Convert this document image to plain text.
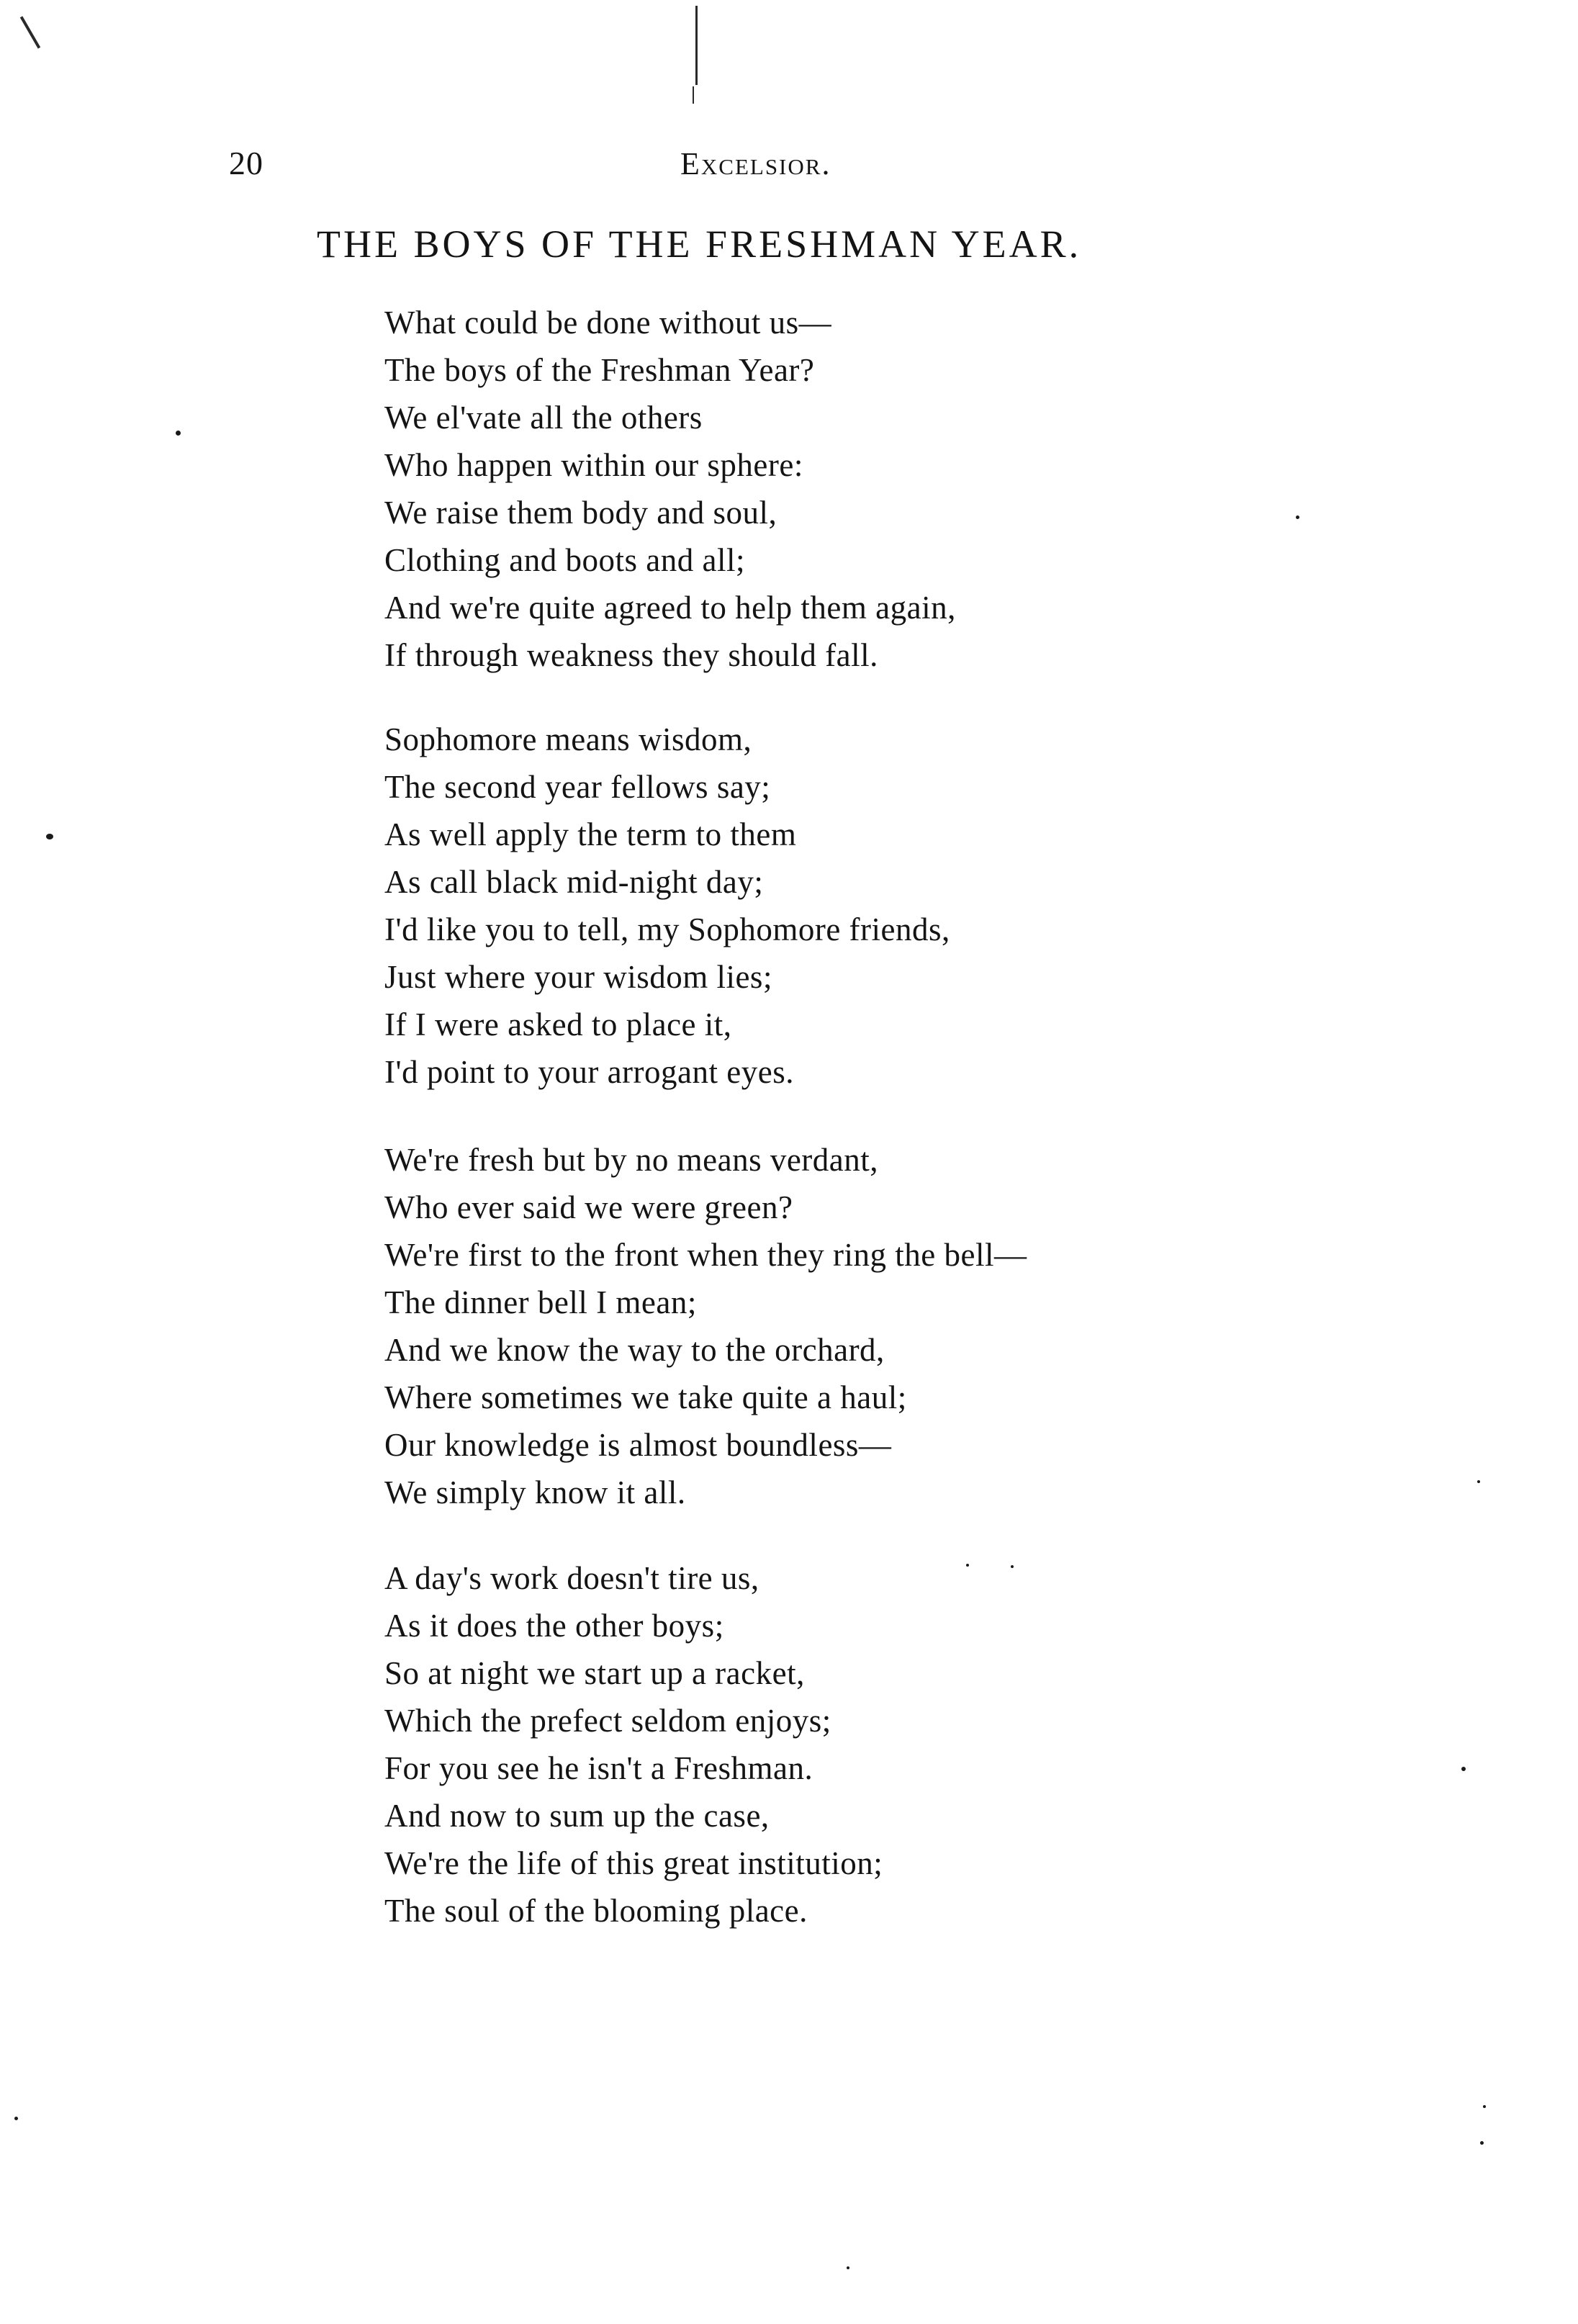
20	Excelsior.
THE BOYS OF THE FRESHMAN YEAR.
What could be done without us—
The boys of the Freshman Year?
We el'vate all the others
Who happen within our sphere:
We raise them body and soul,
Clothing and boots and all;
And we're quite agreed to help them again,
If through weakness they should fall.
Sophomore means wisdom,
The second year fellows say;
As well apply the term to them
As call black mid-night day;
I'd like you to tell, my Sophomore friends,
Just where your wisdom lies;
If I were asked to place it,
I'd point to your arrogant eyes.
We're fresh but by no means verdant,
Who ever said we were green?
We're first to the front when they ring the bell—
The dinner bell I mean;
And we know the way to the orchard,
Where sometimes we take quite a haul;
Our knowledge is almost boundless—
We simply know it all.
A day's work doesn't tire us,
As it does the other boys;
So at night we start up a racket,
Which the prefect seldom enjoys;
For you see he isn't a Freshman.
And now to sum up the case,
We're the life of this great institution;
The soul of the blooming place.
